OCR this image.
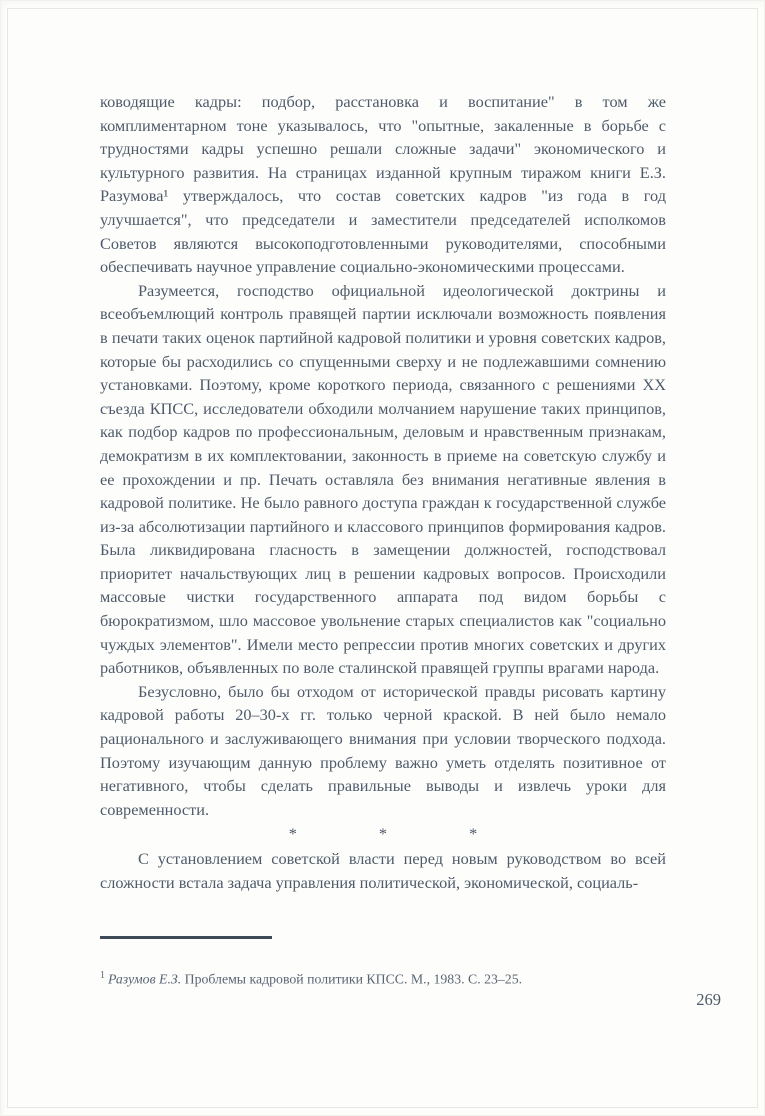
ководящие кадры: подбор, расстановка и воспитание" в том же комплиментарном тоне указывалось, что "опытные, закаленные в борьбе с трудностями кадры успешно решали сложные задачи" экономического и культурного развития. На страницах изданной крупным тиражом книги Е.З. Разумова¹ утверждалось, что состав советских кадров "из года в год улучшается", что председатели и заместители председателей исполкомов Советов являются высокоподготовленными руководителями, способными обеспечивать научное управление социально-экономическими процессами.

Разумеется, господство официальной идеологической доктрины и всеобъемлющий контроль правящей партии исключали возможность появления в печати таких оценок партийной кадровой политики и уровня советских кадров, которые бы расходились со спущенными сверху и не подлежавшими сомнению установками. Поэтому, кроме короткого периода, связанного с решениями XX съезда КПСС, исследователи обходили молчанием нарушение таких принципов, как подбор кадров по профессиональным, деловым и нравственным признакам, демократизм в их комплектовании, законность в приеме на советскую службу и ее прохождении и пр. Печать оставляла без внимания негативные явления в кадровой политике. Не было равного доступа граждан к государственной службе из-за абсолютизации партийного и классового принципов формирования кадров. Была ликвидирована гласность в замещении должностей, господствовал приоритет начальствующих лиц в решении кадровых вопросов. Происходили массовые чистки государственного аппарата под видом борьбы с бюрократизмом, шло массовое увольнение старых специалистов как "социально чуждых элементов". Имели место репрессии против многих советских и других работников, объявленных по воле сталинской правящей группы врагами народа.

Безусловно, было бы отходом от исторической правды рисовать картину кадровой работы 20–30-х гг. только черной краской. В ней было немало рационального и заслуживающего внимания при условии творческого подхода. Поэтому изучающим данную проблему важно уметь отделять позитивное от негативного, чтобы сделать правильные выводы и извлечь уроки для современности.

* * *

С установлением советской власти перед новым руководством во всей сложности встала задача управления политической, экономической, социаль-

$^1$ Разумов Е.З. Проблемы кадровой политики КПСС. М., 1983. С. 23–25.
269
